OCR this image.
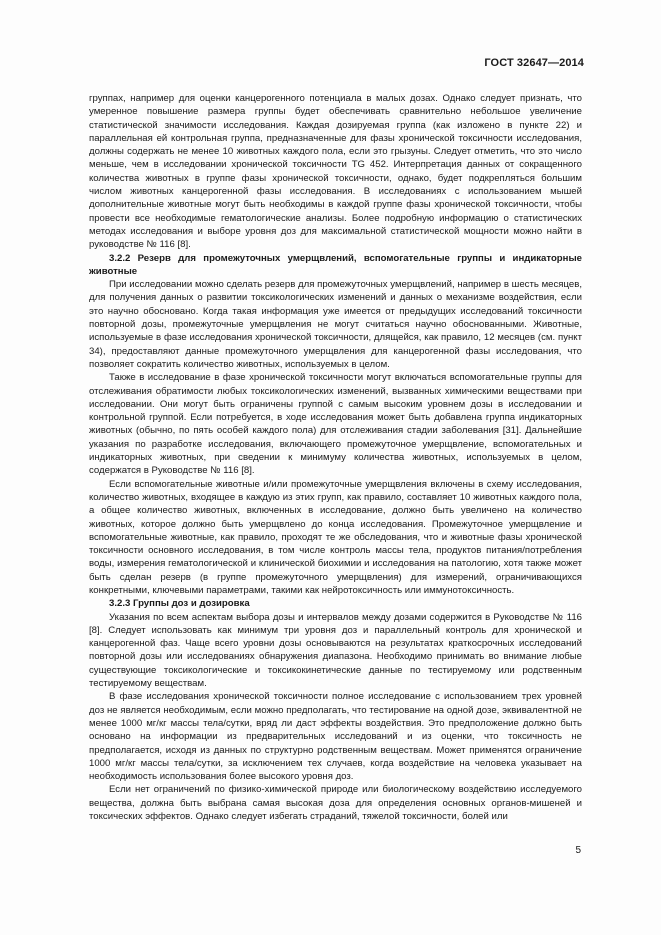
ГОСТ 32647—2014

группах, например для оценки канцерогенного потенциала в малых дозах. Однако следует признать, что умеренное повышение размера группы будет обеспечивать сравнительно небольшое увеличение статистической значимости исследования. Каждая дозируемая группа (как изложено в пункте 22) и параллельная ей контрольная группа, предназначенные для фазы хронической токсичности исследования, должны содержать не менее 10 животных каждого пола, если это грызуны. Следует отметить, что это число меньше, чем в исследовании хронической токсичности TG 452. Интерпретация данных от сокращенного количества животных в группе фазы хронической токсичности, однако, будет подкрепляться большим числом животных канцерогенной фазы исследования. В исследованиях с использованием мышей дополнительные животные могут быть необходимы в каждой группе фазы хронической токсичности, чтобы провести все необходимые гематологические анализы. Более подробную информацию о статистических методах исследования и выборе уровня доз для максимальной статистической мощности можно найти в руководстве № 116 [8].

3.2.2 Резерв для промежуточных умерщвлений, вспомогательные группы и индикаторные животные

При исследовании можно сделать резерв для промежуточных умерщвлений, например в шесть месяцев, для получения данных о развитии токсикологических изменений и данных о механизме воздействия, если это научно обосновано. Когда такая информация уже имеется от предыдущих исследований токсичности повторной дозы, промежуточные умерщвления не могут считаться научно обоснованными. Животные, используемые в фазе исследования хронической токсичности, длящейся, как правило, 12 месяцев (см. пункт 34), предоставляют данные промежуточного умерщвления для канцерогенной фазы исследования, что позволяет сократить количество животных, используемых в целом.

Также в исследование в фазе хронической токсичности могут включаться вспомогательные группы для отслеживания обратимости любых токсикологических изменений, вызванных химическими веществами при исследовании. Они могут быть ограничены группой с самым высоким уровнем дозы в исследовании и контрольной группой. Если потребуется, в ходе исследования может быть добавлена группа индикаторных животных (обычно, по пять особей каждого пола) для отслеживания стадии заболевания [31]. Дальнейшие указания по разработке исследования, включающего промежуточное умерщвление, вспомогательных и индикаторных животных, при сведении к минимуму количества животных, используемых в целом, содержатся в Руководстве № 116 [8].

Если вспомогательные животные и/или промежуточные умерщвления включены в схему исследования, количество животных, входящее в каждую из этих групп, как правило, составляет 10 животных каждого пола, а общее количество животных, включенных в исследование, должно быть увеличено на количество животных, которое должно быть умерщвлено до конца исследования. Промежуточное умерщвление и вспомогательные животные, как правило, проходят те же обследования, что и животные фазы хронической токсичности основного исследования, в том числе контроль массы тела, продуктов питания/потребления воды, измерения гематологической и клинической биохимии и исследования на патологию, хотя также может быть сделан резерв (в группе промежуточного умерщвления) для измерений, ограничивающихся конкретными, ключевыми параметрами, такими как нейротоксичность или иммунотоксичность.

3.2.3 Группы доз и дозировка

Указания по всем аспектам выбора дозы и интервалов между дозами содержится в Руководстве № 116 [8]. Следует использовать как минимум три уровня доз и параллельный контроль для хронической и канцерогенной фаз. Чаще всего уровни дозы основываются на результатах краткосрочных исследований повторной дозы или исследованиях обнаружения диапазона. Необходимо принимать во внимание любые существующие токсикологические и токсикокинетические данные по тестируемому или родственным тестируемому веществам.

В фазе исследования хронической токсичности полное исследование с использованием трех уровней доз не является необходимым, если можно предполагать, что тестирование на одной дозе, эквивалентной не менее 1000 мг/кг массы тела/сутки, вряд ли даст эффекты воздействия. Это предположение должно быть основано на информации из предварительных исследований и из оценки, что токсичность не предполагается, исходя из данных по структурно родственным веществам. Может применятся ограничение 1000 мг/кг массы тела/сутки, за исключением тех случаев, когда воздействие на человека указывает на необходимость использования более высокого уровня доз.

Если нет ограничений по физико-химической природе или биологическому воздействию исследуемого вещества, должна быть выбрана самая высокая доза для определения основных органов-мишеней и токсических эффектов. Однако следует избегать страданий, тяжелой токсичности, болей или

5
